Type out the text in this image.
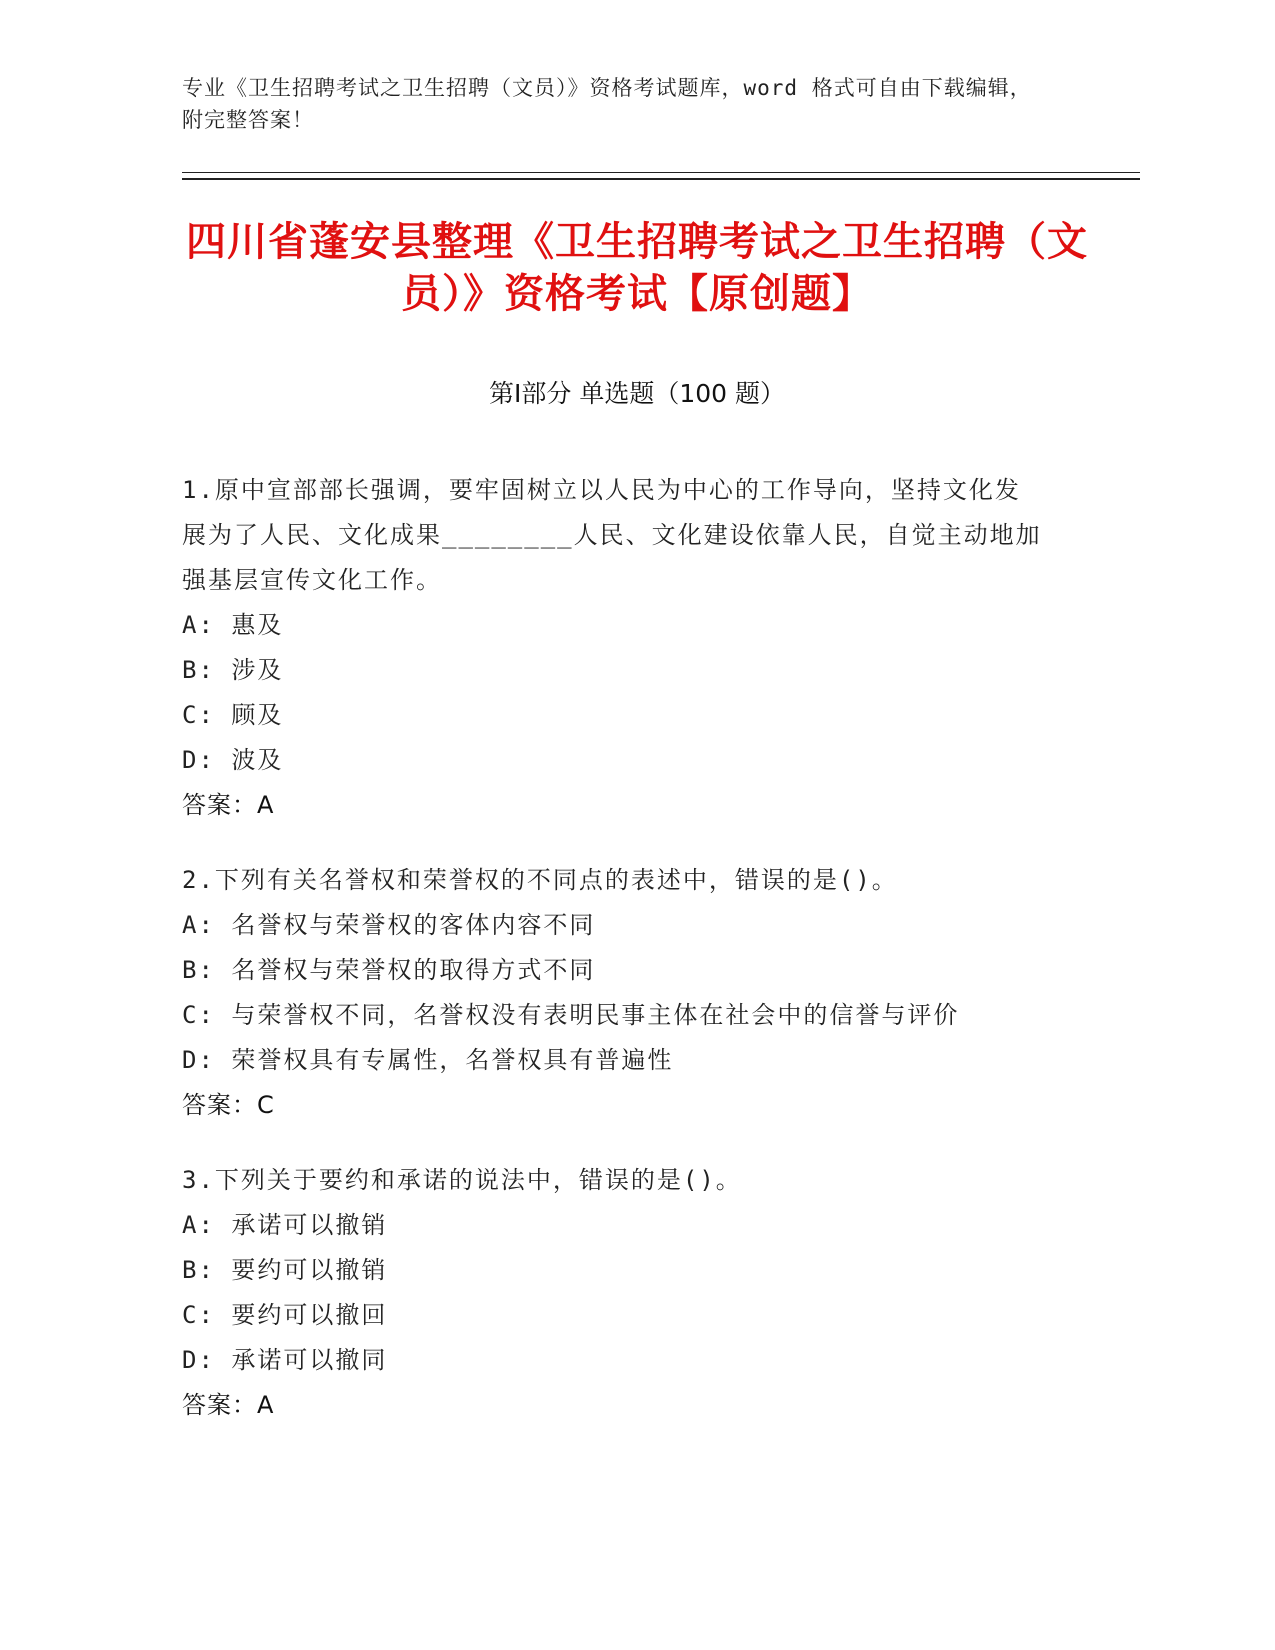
专业《卫生招聘考试之卫生招聘（文员）》资格考试题库，word 格式可自由下载编辑，附完整答案！
四川省蓬安县整理《卫生招聘考试之卫生招聘（文员）》资格考试【原创题】
第Ⅰ部分 单选题（100 题）
1.原中宣部部长强调，要牢固树立以人民为中心的工作导向，坚持文化发展为了人民、文化成果________人民、文化建设依靠人民，自觉主动地加强基层宣传文化工作。
A: 惠及
B: 涉及
C: 顾及
D: 波及
答案：A
2.下列有关名誉权和荣誉权的不同点的表述中，错误的是()。
A: 名誉权与荣誉权的客体内容不同
B: 名誉权与荣誉权的取得方式不同
C: 与荣誉权不同，名誉权没有表明民事主体在社会中的信誉与评价
D: 荣誉权具有专属性，名誉权具有普遍性
答案：C
3.下列关于要约和承诺的说法中，错误的是()。
A: 承诺可以撤销
B: 要约可以撤销
C: 要约可以撤回
D: 承诺可以撤同
答案：A
